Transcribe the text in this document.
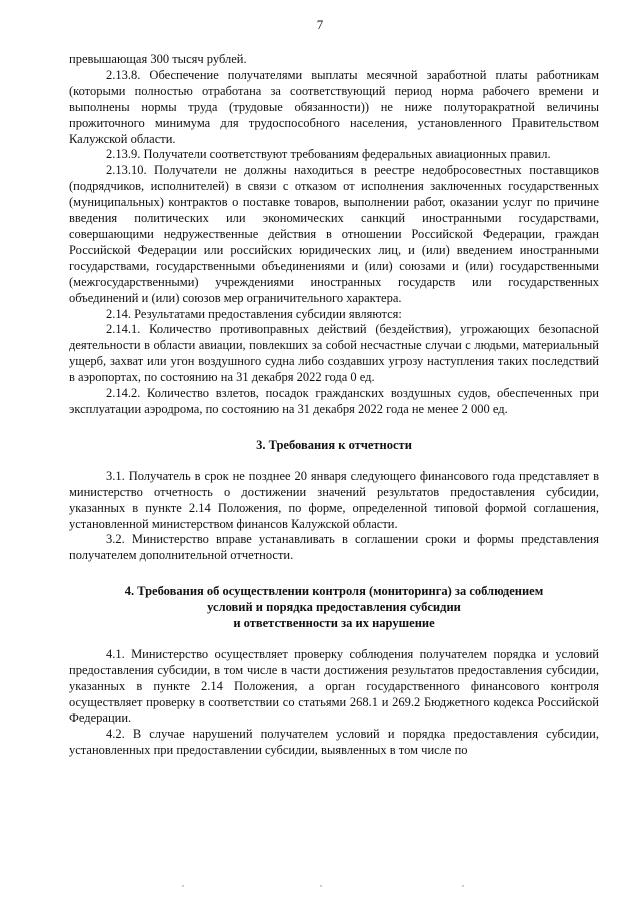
7

превышающая 300 тысяч рублей.

2.13.8. Обеспечение получателями выплаты месячной заработной платы работникам (которыми полностью отработана за соответствующий период норма рабочего времени и выполнены нормы труда (трудовые обязанности)) не ниже полуторакратной величины прожиточного минимума для трудоспособного населения, установленного Правительством Калужской области.

2.13.9. Получатели соответствуют требованиям федеральных авиационных правил.

2.13.10. Получатели не должны находиться в реестре недобросовестных поставщиков (подрядчиков, исполнителей) в связи с отказом от исполнения заключенных государственных (муниципальных) контрактов о поставке товаров, выполнении работ, оказании услуг по причине введения политических или экономических санкций иностранными государствами, совершающими недружественные действия в отношении Российской Федерации, граждан Российской Федерации или российских юридических лиц, и (или) введением иностранными государствами, государственными объединениями и (или) союзами и (или) государственными (межгосударственными) учреждениями иностранных государств или государственных объединений и (или) союзов мер ограничительного характера.

2.14. Результатами предоставления субсидии являются:

2.14.1. Количество противоправных действий (бездействия), угрожающих безопасной деятельности в области авиации, повлекших за собой несчастные случаи с людьми, материальный ущерб, захват или угон воздушного судна либо создавших угрозу наступления таких последствий в аэропортах, по состоянию на 31 декабря 2022 года 0 ед.

2.14.2. Количество взлетов, посадок гражданских воздушных судов, обеспеченных при эксплуатации аэродрома, по состоянию на 31 декабря 2022 года не менее 2 000 ед.

3. Требования к отчетности

3.1. Получатель в срок не позднее 20 января следующего финансового года представляет в министерство отчетность о достижении значений результатов предоставления субсидии, указанных в пункте 2.14 Положения, по форме, определенной типовой формой соглашения, установленной министерством финансов Калужской области.

3.2. Министерство вправе устанавливать в соглашении сроки и формы представления получателем дополнительной отчетности.

4. Требования об осуществлении контроля (мониторинга) за соблюдением

условий и порядка предоставления субсидии

и ответственности за их нарушение

4.1. Министерство осуществляет проверку соблюдения получателем порядка и условий предоставления субсидии, в том числе в части достижения результатов предоставления субсидии, указанных в пункте 2.14 Положения, а орган государственного финансового контроля осуществляет проверку в соответствии со статьями 268.1 и 269.2 Бюджетного кодекса Российской Федерации.

4.2. В случае нарушений получателем условий и порядка предоставления субсидии, установленных при предоставлении субсидии, выявленных в том числе по
